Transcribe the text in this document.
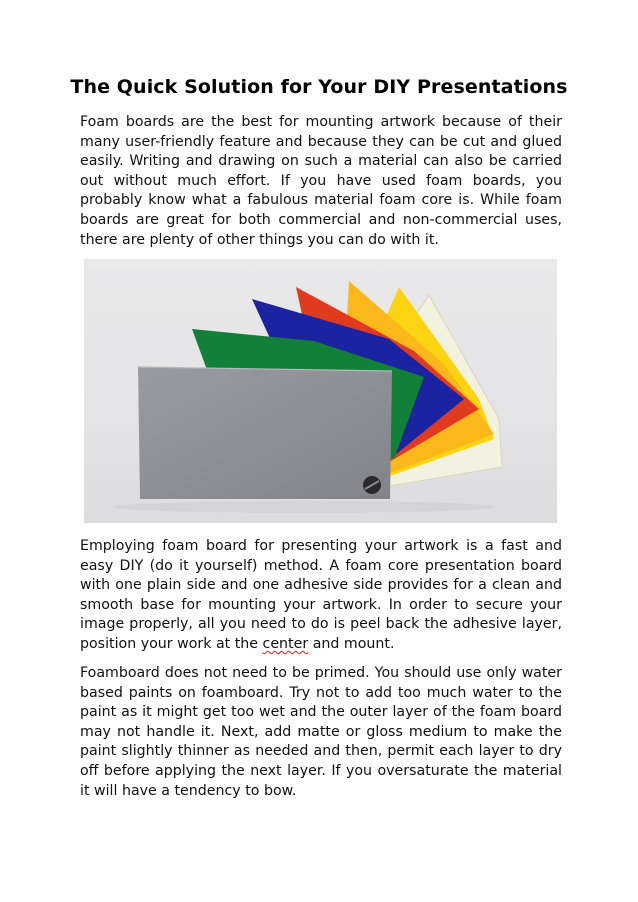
The Quick Solution for Your DIY Presentations

Foam boards are the best for mounting artwork because of their many user-friendly feature and because they can be cut and glued easily. Writing and drawing on such a material can also be carried out without much effort. If you have used foam boards, you probably know what a fabulous material foam core is. While foam boards are great for both commercial and non-commercial uses, there are plenty of other things you can do with it.

Employing foam board for presenting your artwork is a fast and easy DIY (do it yourself) method. A foam core presentation board with one plain side and one adhesive side provides for a clean and smooth base for mounting your artwork. In order to secure your image properly, all you need to do is peel back the adhesive layer, position your work at the center and mount.

Foamboard does not need to be primed. You should use only water based paints on foamboard. Try not to add too much water to the paint as it might get too wet and the outer layer of the foam board may not handle it. Next, add matte or gloss medium to make the paint slightly thinner as needed and then, permit each layer to dry off before applying the next layer. If you oversaturate the material it will have a tendency to bow.
